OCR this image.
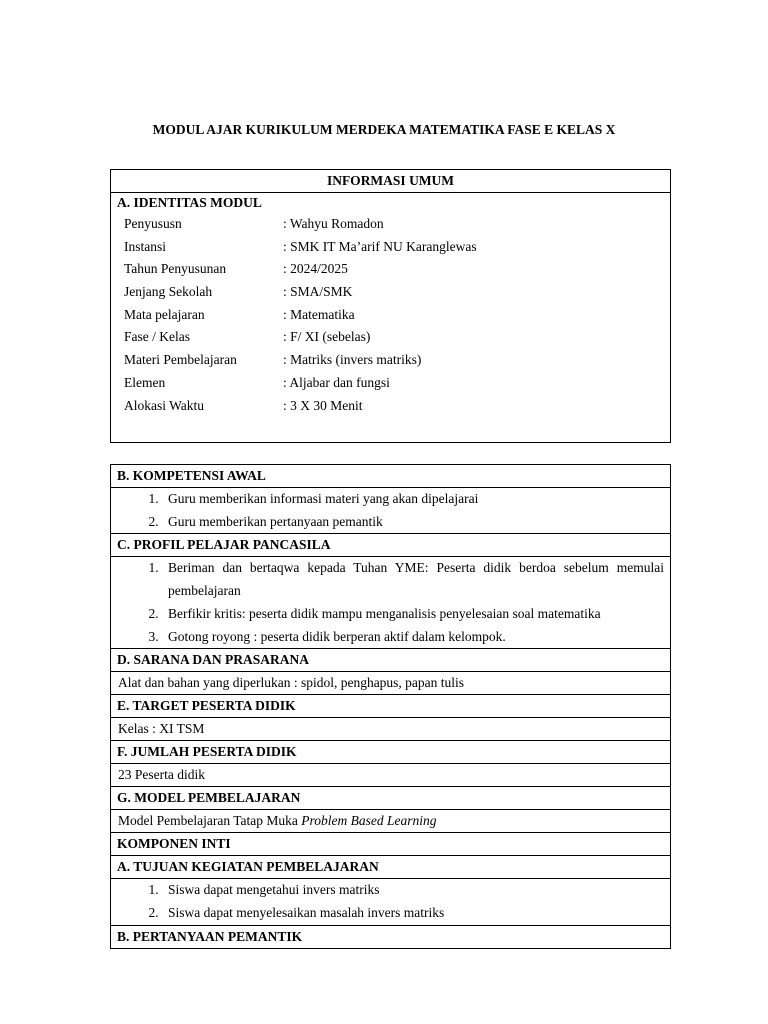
MODUL AJAR KURIKULUM MERDEKA MATEMATIKA FASE E KELAS X
INFORMASI UMUM

A. IDENTITAS MODUL
Penyususn	: Wahyu Romadon
Instansi	: SMK IT Ma’arif NU Karanglewas
Tahun Penyusunan	: 2024/2025
Jenjang Sekolah	: SMA/SMK
Mata pelajaran	: Matematika
Fase / Kelas	: F/ XI (sebelas)
Materi Pembelajaran	: Matriks (invers matriks)
Elemen	: Aljabar dan fungsi
Alokasi Waktu	: 3 X 30 Menit
B. KOMPETENSI AWAL

1. Guru memberikan informasi materi yang akan dipelajarai
2. Guru memberikan pertanyaan pemantik

C. PROFIL PELAJAR PANCASILA

1. Beriman dan bertaqwa kepada Tuhan YME: Peserta didik berdoa sebelum memulai pembelajaran
2. Berfikir kritis: peserta didik mampu menganalisis penyelesaian soal matematika
3. Gotong royong : peserta didik berperan aktif dalam kelompok.

D. SARANA DAN PRASARANA
Alat dan bahan yang diperlukan : spidol, penghapus, papan tulis
E. TARGET PESERTA DIDIK
Kelas : XI TSM
F. JUMLAH PESERTA DIDIK
23 Peserta didik
G. MODEL PEMBELAJARAN
Model Pembelajaran Tatap Muka Problem Based Learning
KOMPONEN INTI
A. TUJUAN KEGIATAN PEMBELAJARAN

1. Siswa dapat mengetahui invers matriks
2. Siswa dapat menyelesaikan masalah invers matriks

B. PERTANYAAN PEMANTIK
